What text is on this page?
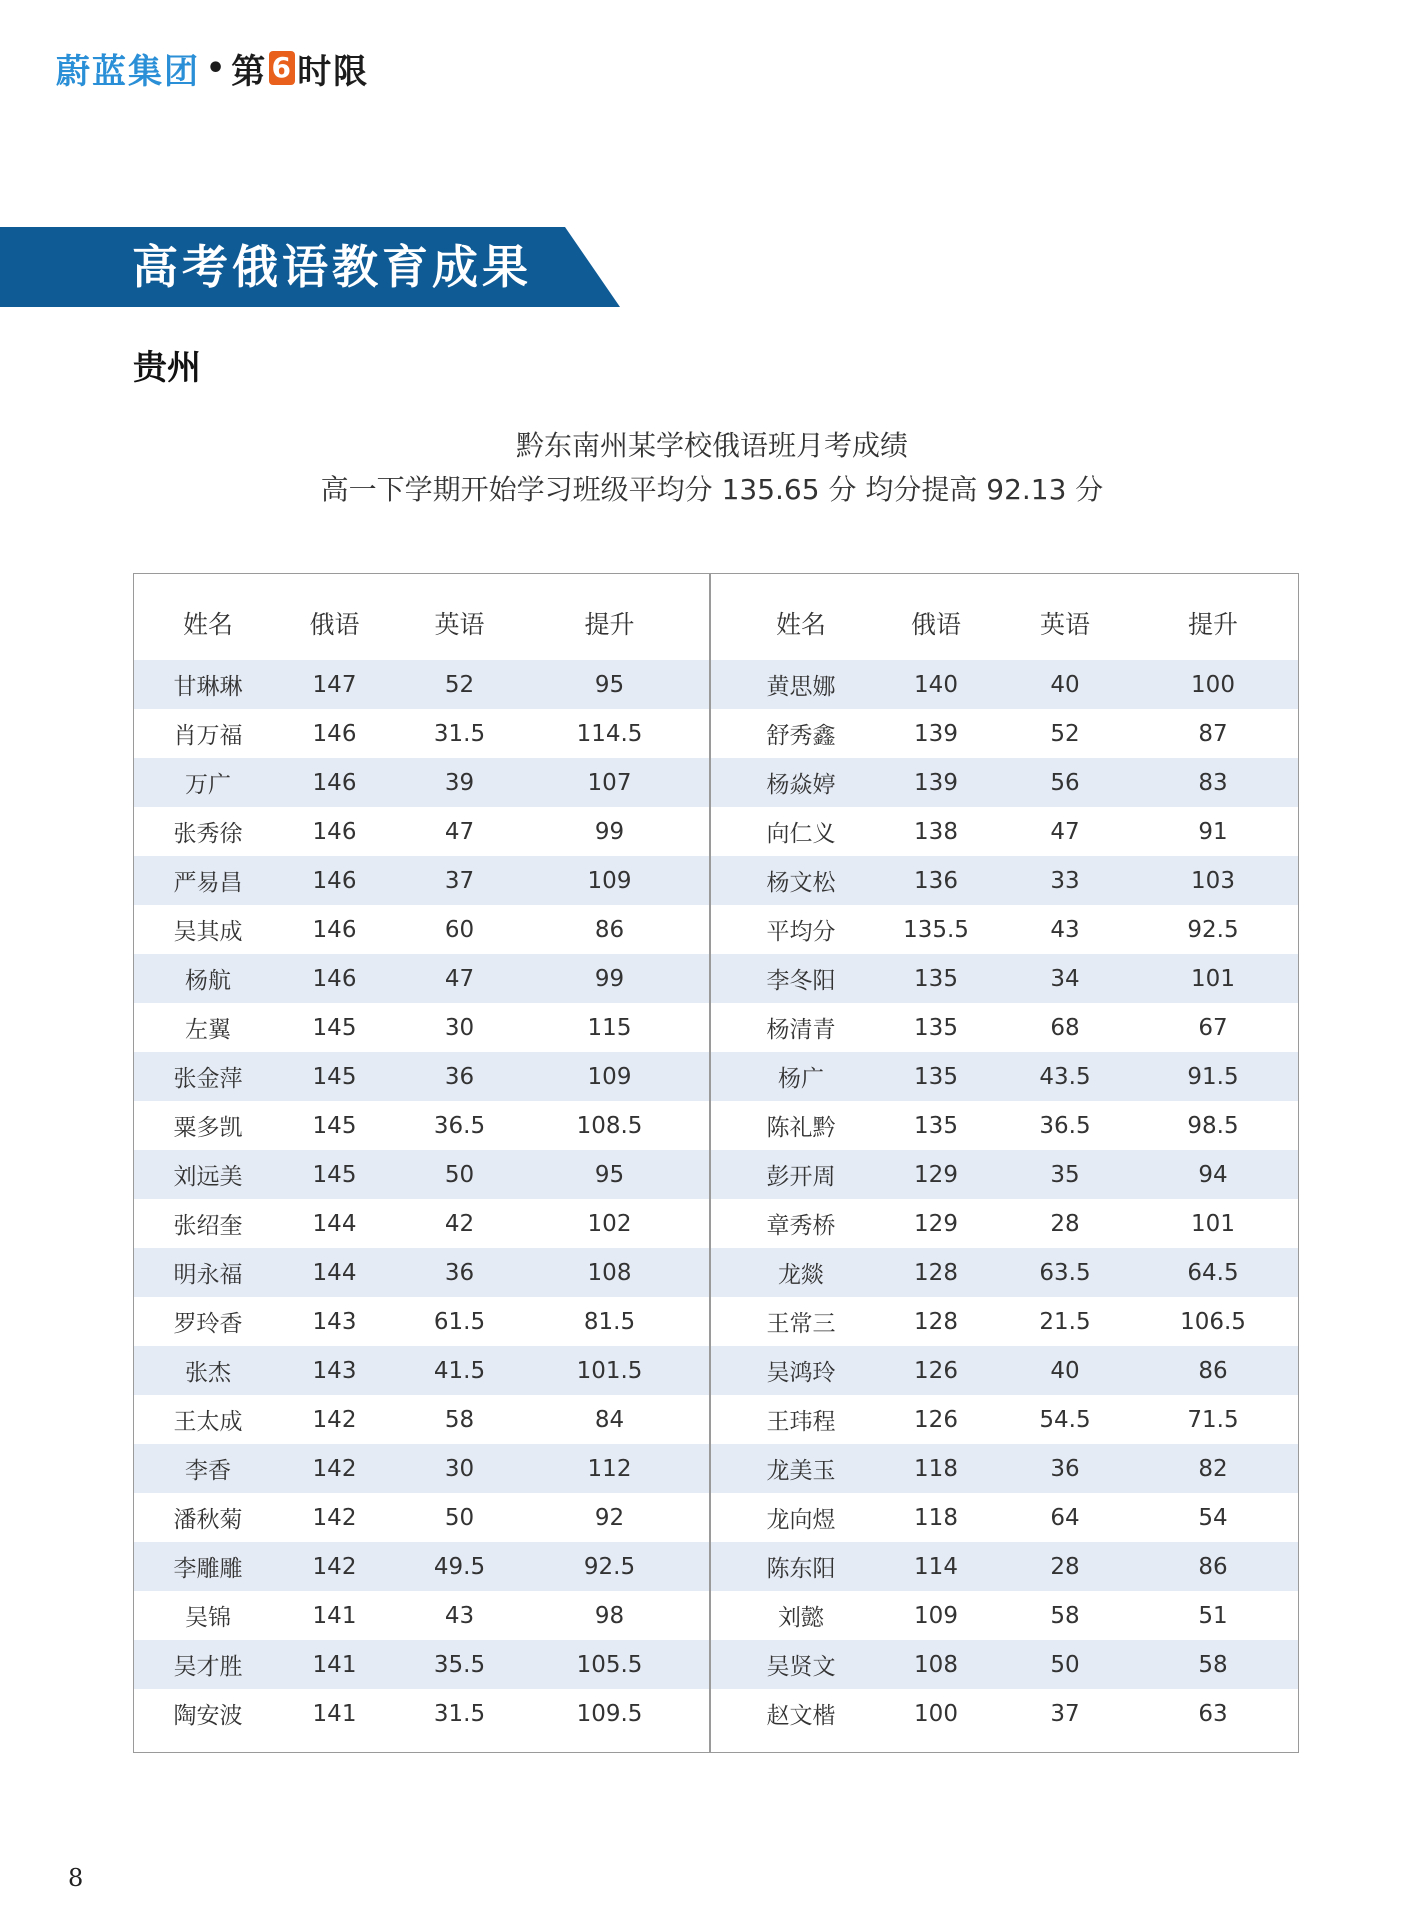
蔚蓝集团 • 第 6 时限
高考俄语教育成果
贵州
黔东南州某学校俄语班月考成绩
高一下学期开始学习班级平均分 135.65 分 均分提高 92.13 分
姓名	俄语	英语	提升
甘琳琳	147	52	95
肖万福	146	31.5	114.5
万广	146	39	107
张秀徐	146	47	99
严易昌	146	37	109
吴其成	146	60	86
杨航	146	47	99
左翼	145	30	115
张金萍	145	36	109
粟多凯	145	36.5	108.5
刘远美	145	50	95
张绍奎	144	42	102
明永福	144	36	108
罗玲香	143	61.5	81.5
张杰	143	41.5	101.5
王太成	142	58	84
李香	142	30	112
潘秋菊	142	50	92
李雕雕	142	49.5	92.5
吴锦	141	43	98
吴才胜	141	35.5	105.5
陶安波	141	31.5	109.5
姓名	俄语	英语	提升
黄思娜	140	40	100
舒秀鑫	139	52	87
杨焱婷	139	56	83
向仁义	138	47	91
杨文松	136	33	103
平均分	135.5	43	92.5
李冬阳	135	34	101
杨清青	135	68	67
杨广	135	43.5	91.5
陈礼黔	135	36.5	98.5
彭开周	129	35	94
章秀桥	129	28	101
龙燚	128	63.5	64.5
王常三	128	21.5	106.5
吴鸿玲	126	40	86
王玮程	126	54.5	71.5
龙美玉	118	36	82
龙向煜	118	64	54
陈东阳	114	28	86
刘懿	109	58	51
吴贤文	108	50	58
赵文楷	100	37	63
8
